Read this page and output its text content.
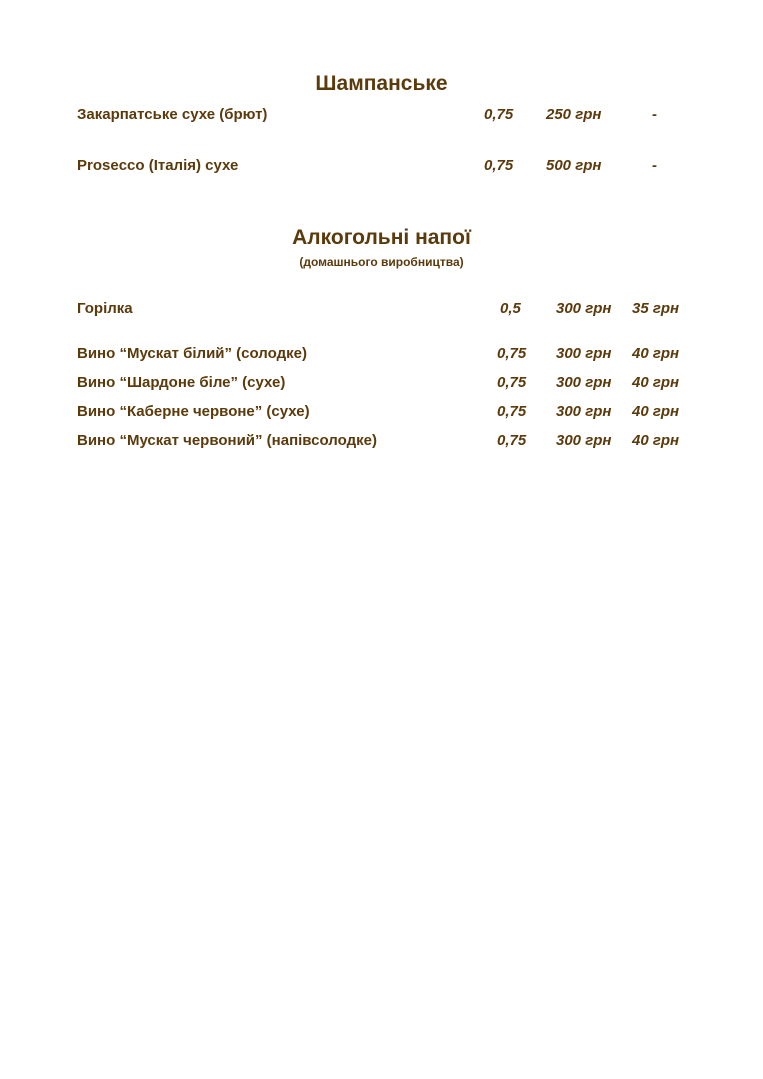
Шампанське
Закарпатське сухе (брют)	0,75 250 грн	-
Prosecco (Італія) сухе	0,75 500 грн	-
Алкогольні напої
(домашнього виробництва)
Горілка	0,5 300 грн 35 грн
Вино “Мускат білий” (солодке)	0,75 300 грн 40 грн
Вино “Шардоне біле” (сухе)	0,75 300 грн 40 грн
Вино “Каберне червоне” (сухе)	0,75 300 грн 40 грн
Вино “Мускат червоний” (напівсолодке)	0,75 300 грн 40 грн
